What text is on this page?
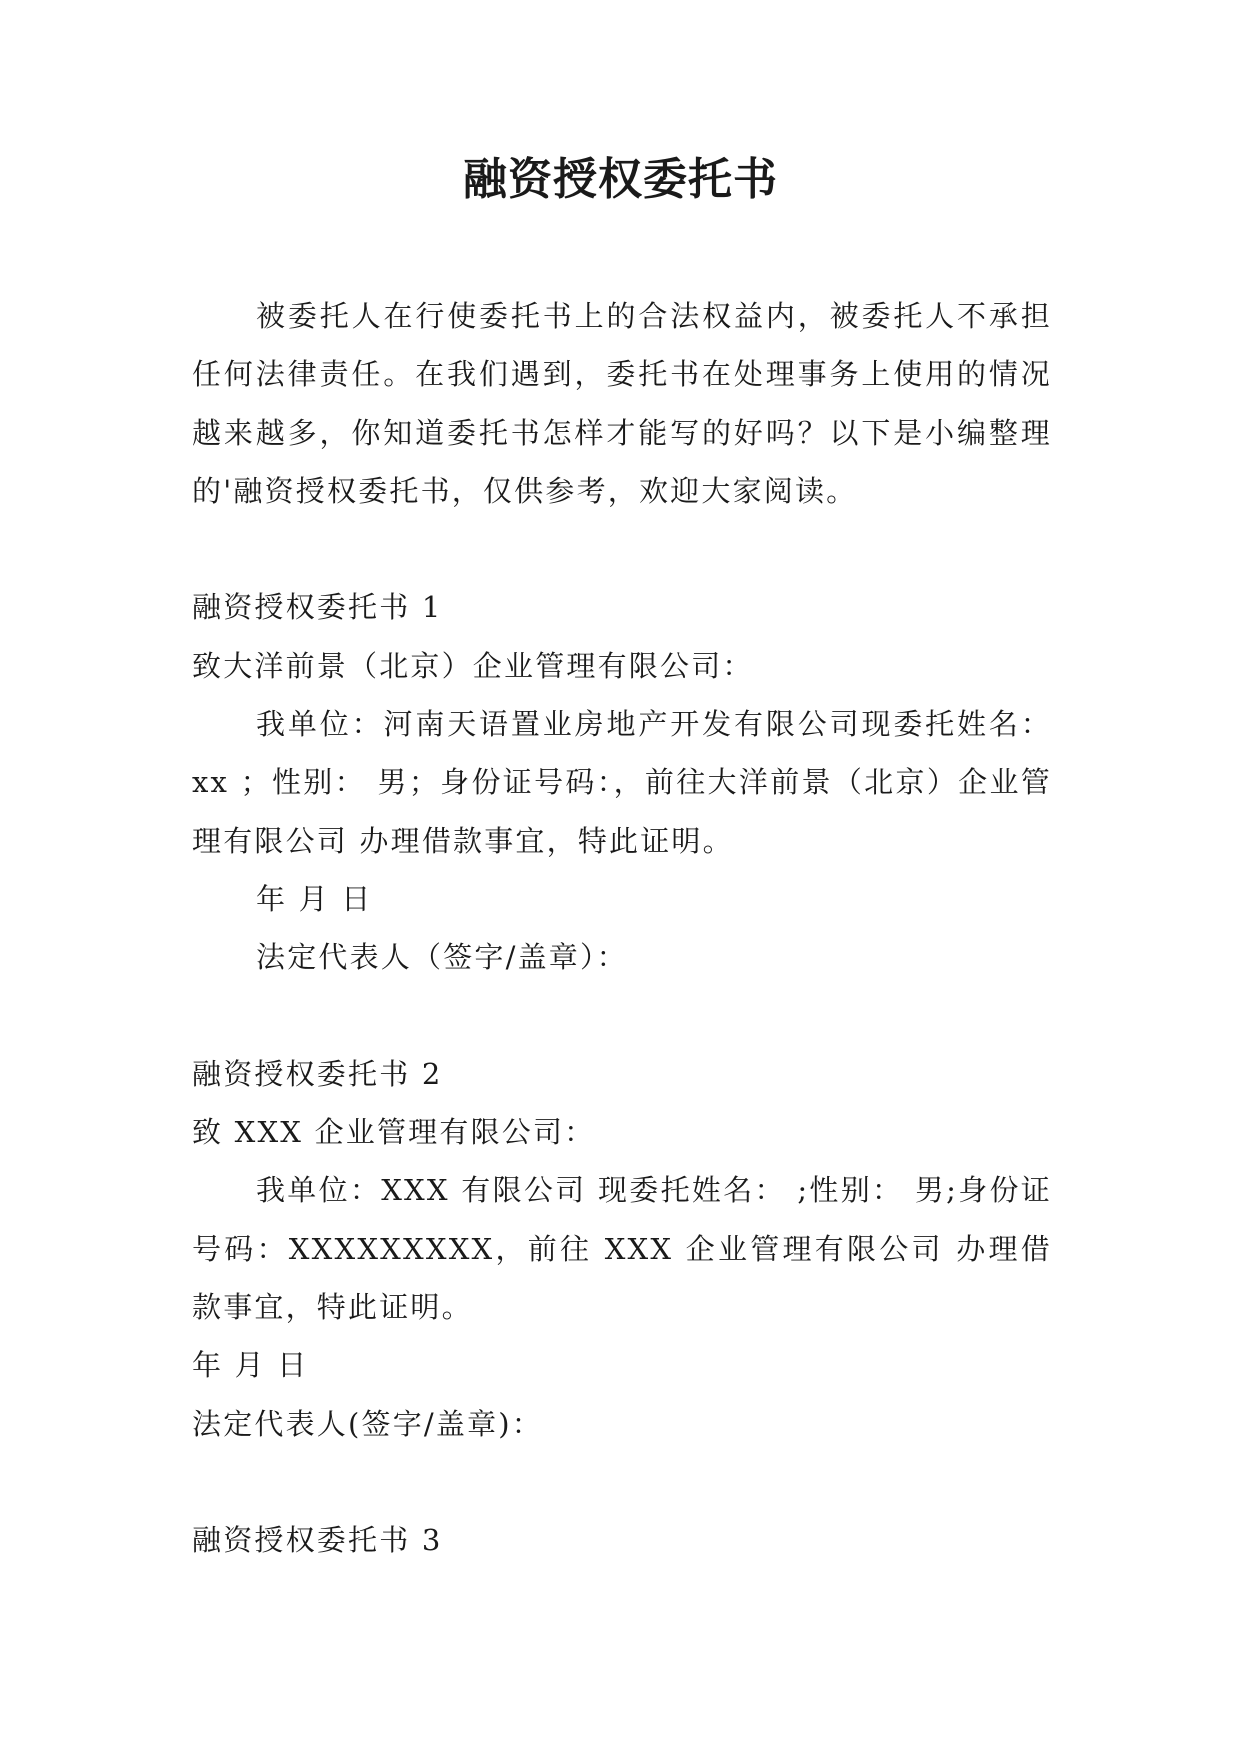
融资授权委托书

被委托人在行使委托书上的合法权益内，被委托人不承担任何法律责任。在我们遇到，委托书在处理事务上使用的情况越来越多，你知道委托书怎样才能写的好吗？以下是小编整理的'融资授权委托书，仅供参考，欢迎大家阅读。

融资授权委托书 1

致大洋前景（北京）企业管理有限公司：

我单位：河南天语置业房地产开发有限公司现委托姓名：xx ；性别： 男；身份证号码：，前往大洋前景（北京）企业管理有限公司 办理借款事宜，特此证明。

年 月 日

法定代表人（签字/盖章）：

融资授权委托书 2

致 XXX 企业管理有限公司：

我单位：XXX 有限公司 现委托姓名： ;性别： 男;身份证号码：XXXXXXXXX，前往 XXX 企业管理有限公司 办理借款事宜，特此证明。

年 月 日

法定代表人(签字/盖章)：

融资授权委托书 3
